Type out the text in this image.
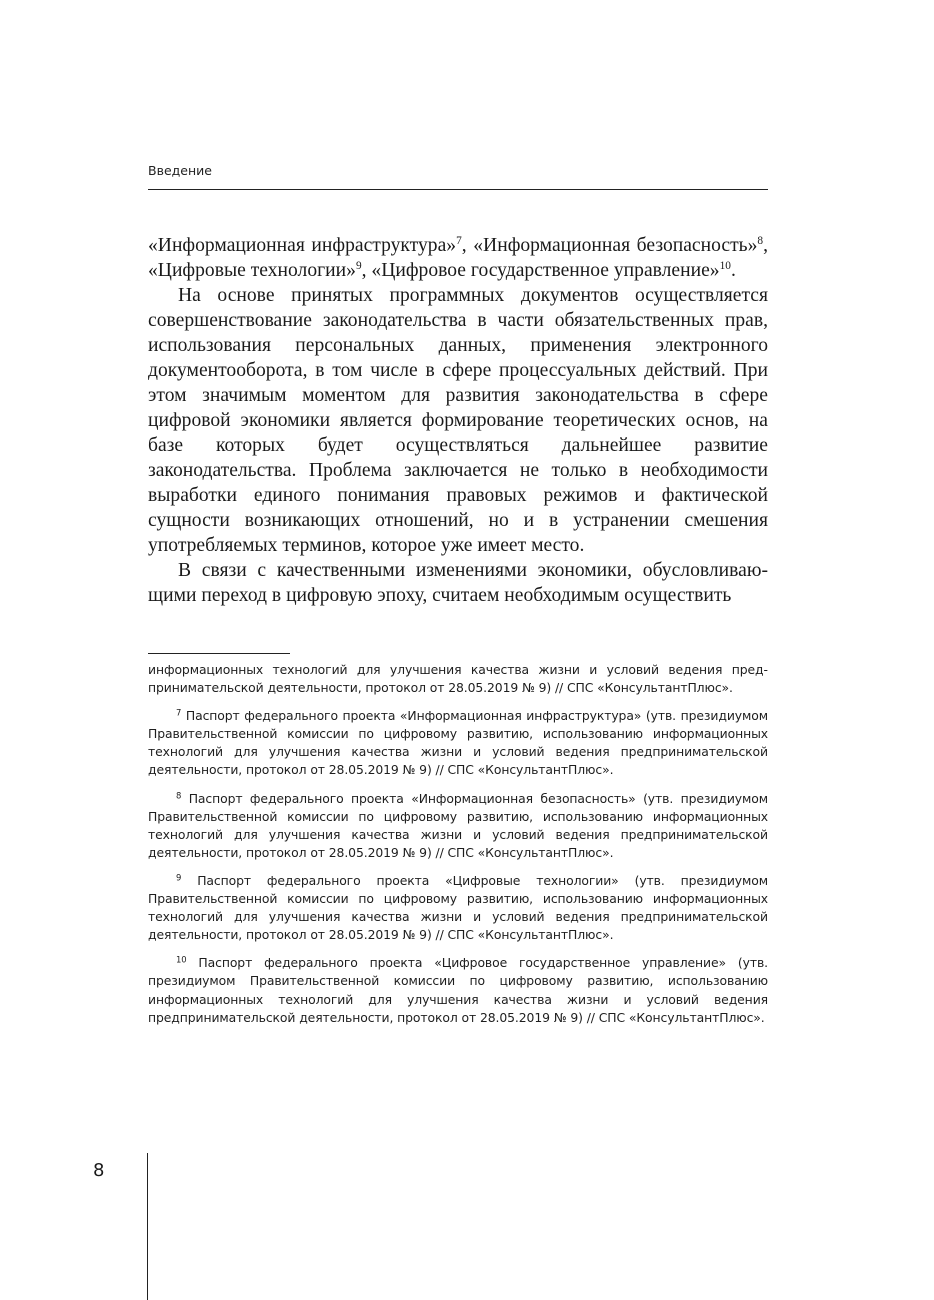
Введение

«Информационная инфраструктура»$^7$, «Информационная безопасность»$^8$, «Цифровые технологии»$^9$, «Цифровое государственное управление»$^{10}$.

На основе принятых программных документов осуществляется совершенствование законодательства в части обязательственных прав, использования персональных данных, применения электронного документооборота, в том числе в сфере процессуальных действий. При этом значимым моментом для развития законодательства в сфере цифровой экономики является формирование теоретических основ, на базе которых будет осуществляться дальнейшее развитие законодательства. Проблема заключается не только в необходимости выработки единого понимания правовых режимов и фактической сущности возникающих отношений, но и в устранении смешения употребляемых терминов, которое уже имеет место.

В связи с качественными изменениями экономики, обусловливающими переход в цифровую эпоху, считаем необходимым осуществить

информационных технологий для улучшения качества жизни и условий ведения предпринимательской деятельности, протокол от 28.05.2019 № 9) // СПС «КонсультантПлюс».

$^7$ Паспорт федерального проекта «Информационная инфраструктура» (утв. президиумом Правительственной комиссии по цифровому развитию, использованию информационных технологий для улучшения качества жизни и условий ведения предпринимательской деятельности, протокол от 28.05.2019 № 9) // СПС «КонсультантПлюс».

$^8$ Паспорт федерального проекта «Информационная безопасность» (утв. президиумом Правительственной комиссии по цифровому развитию, использованию информационных технологий для улучшения качества жизни и условий ведения предпринимательской деятельности, протокол от 28.05.2019 № 9) // СПС «КонсультантПлюс».

$^9$ Паспорт федерального проекта «Цифровые технологии» (утв. президиумом Правительственной комиссии по цифровому развитию, использованию информационных технологий для улучшения качества жизни и условий ведения предпринимательской деятельности, протокол от 28.05.2019 № 9) // СПС «КонсультантПлюс».

$^{10}$ Паспорт федерального проекта «Цифровое государственное управление» (утв. президиумом Правительственной комиссии по цифровому развитию, использованию информационных технологий для улучшения качества жизни и условий ведения предпринимательской деятельности, протокол от 28.05.2019 № 9) // СПС «КонсультантПлюс».

8
